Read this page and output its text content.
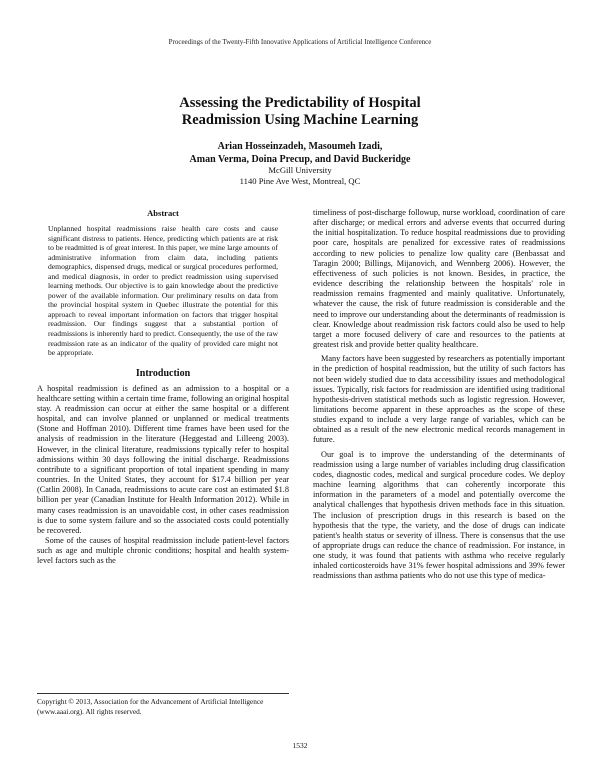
Proceedings of the Twenty-Fifth Innovative Applications of Artificial Intelligence Conference
Assessing the Predictability of Hospital
Readmission Using Machine Learning
Arian Hosseinzadeh, Masoumeh Izadi,
Aman Verma, Doina Precup, and David Buckeridge
McGill University
1140 Pine Ave West, Montreal, QC
Abstract

Unplanned hospital readmissions raise health care costs and cause significant distress to patients. Hence, predicting which patients are at risk to be readmitted is of great interest. In this paper, we mine large amounts of administrative information from claim data, including patients demographics, dispensed drugs, medical or surgical procedures performed, and medical diagnosis, in order to predict readmission using supervised learning methods. Our objective is to gain knowledge about the predictive power of the available information. Our preliminary results on data from the provincial hospital system in Quebec illustrate the potential for this approach to reveal important information on factors that trigger hospital readmission. Our findings suggest that a substantial portion of readmissions is inherently hard to predict. Consequently, the use of the raw readmission rate as an indicator of the quality of provided care might not be appropriate.

Introduction

A hospital readmission is defined as an admission to a hospital or a healthcare setting within a certain time frame, following an original hospital stay. A readmission can occur at either the same hospital or a different hospital, and can involve planned or unplanned or medical treatments (Stone and Hoffman 2010). Different time frames have been used for the analysis of readmission in the literature (Heggestad and Lilleeng 2003). However, in the clinical literature, readmissions typically refer to hospital admissions within 30 days following the initial discharge. Readmissions contribute to a significant proportion of total inpatient spending in many countries. In the United States, they account for $17.4 billion per year (Catlin 2008). In Canada, readmissions to acute care cost an estimated $1.8 billion per year (Canadian Institute for Health Information 2012). While in many cases readmission is an unavoidable cost, in other cases readmission is due to some system failure and so the associated costs could potentially be recovered.

Some of the causes of hospital readmission include patient-level factors such as age and multiple chronic conditions; hospital and health system-level factors such as the

timeliness of post-discharge followup, nurse workload, coordination of care after discharge; or medical errors and adverse events that occurred during the initial hospitalization. To reduce hospital readmissions due to providing poor care, hospitals are penalized for excessive rates of readmissions according to new policies to penalize low quality care (Benbassat and Taragin 2000; Billings, Mijanovich, and Wennberg 2006). However, the effectiveness of such policies is not known. Besides, in practice, the evidence describing the relationship between the hospitals' role in readmission remains fragmented and mainly qualitative. Unfortunately, whatever the cause, the risk of future readmission is considerable and the need to improve our understanding about the determinants of readmission is clear. Knowledge about readmission risk factors could also be used to help target a more focused delivery of care and resources to the patients at greatest risk and provide better quality healthcare.

Many factors have been suggested by researchers as potentially important in the prediction of hospital readmission, but the utility of such factors has not been widely studied due to data accessibility issues and methodological issues. Typically, risk factors for readmission are identified using traditional hypothesis-driven statistical methods such as logistic regression. However, limitations become apparent in these approaches as the scope of these studies expand to include a very large range of variables, which can be obtained as a result of the new electronic medical records management in future.

Our goal is to improve the understanding of the determinants of readmission using a large number of variables including drug classification codes, diagnostic codes, medical and surgical procedure codes. We deploy machine learning algorithms that can coherently incorporate this information in the parameters of a model and potentially overcome the analytical challenges that hypothesis driven methods face in this situation. The inclusion of prescription drugs in this research is based on the hypothesis that the type, the variety, and the dose of drugs can indicate patient's health status or severity of illness. There is consensus that the use of appropriate drugs can reduce the chance of readmission. For instance, in one study, it was found that patients with asthma who receive regularly inhaled corticosteroids have 31% fewer hospital admissions and 39% fewer readmissions than asthma patients who do not use this type of medica-

Copyright © 2013, Association for the Advancement of Artificial Intelligence (www.aaai.org). All rights reserved.
1532
